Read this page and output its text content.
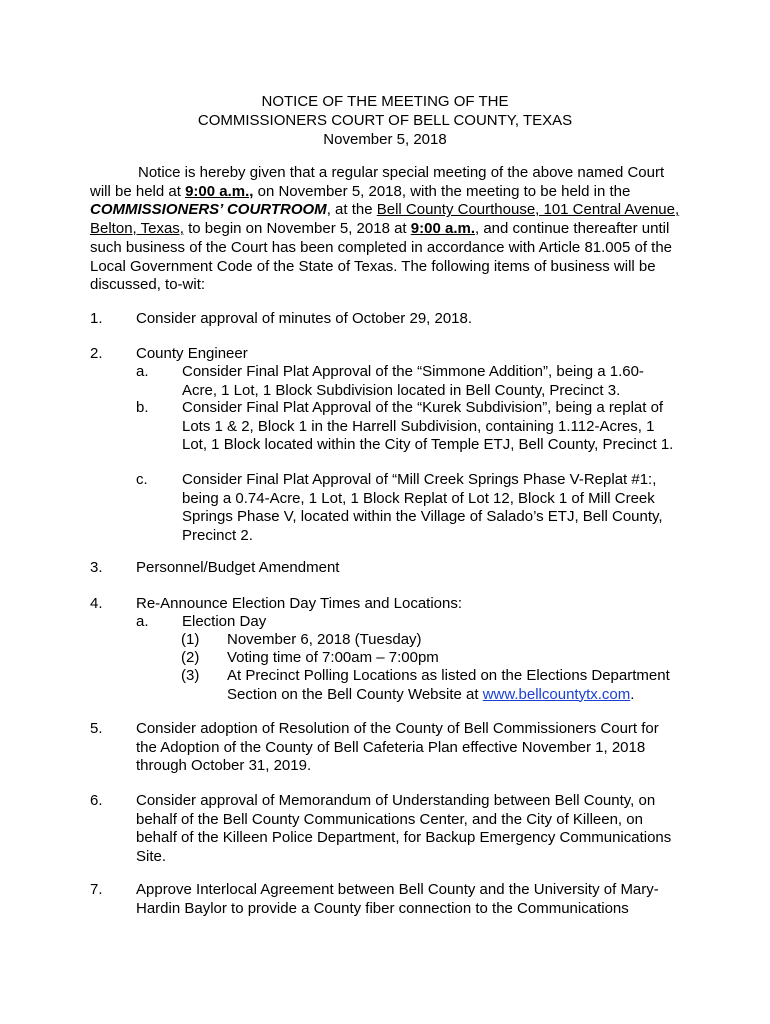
NOTICE OF THE MEETING OF THE
COMMISSIONERS COURT OF BELL COUNTY, TEXAS
November 5, 2018
Notice is hereby given that a regular special meeting of the above named Court will be held at 9:00 a.m., on November 5, 2018, with the meeting to be held in the COMMISSIONERS’ COURTROOM, at the Bell County Courthouse, 101 Central Avenue, Belton, Texas, to begin on November 5, 2018 at 9:00 a.m., and continue thereafter until such business of the Court has been completed in accordance with Article 81.005 of the Local Government Code of the State of Texas. The following items of business will be discussed, to-wit:
1. Consider approval of minutes of October 29, 2018.
2. County Engineer
a. Consider Final Plat Approval of the “Simmone Addition”, being a 1.60-Acre, 1 Lot, 1 Block Subdivision located in Bell County, Precinct 3.
b. Consider Final Plat Approval of the “Kurek Subdivision”, being a replat of Lots 1 & 2, Block 1 in the Harrell Subdivision, containing 1.112-Acres, 1 Lot, 1 Block located within the City of Temple ETJ, Bell County, Precinct 1.
c. Consider Final Plat Approval of “Mill Creek Springs Phase V-Replat #1:, being a 0.74-Acre, 1 Lot, 1 Block Replat of Lot 12, Block 1 of Mill Creek Springs Phase V, located within the Village of Salado’s ETJ, Bell County, Precinct 2.
3. Personnel/Budget Amendment
4. Re-Announce Election Day Times and Locations:
a. Election Day
(1) November 6, 2018 (Tuesday)
(2) Voting time of 7:00am – 7:00pm
(3) At Precinct Polling Locations as listed on the Elections Department Section on the Bell County Website at www.bellcountytx.com.
5. Consider adoption of Resolution of the County of Bell Commissioners Court for the Adoption of the County of Bell Cafeteria Plan effective November 1, 2018 through October 31, 2019.
6. Consider approval of Memorandum of Understanding between Bell County, on behalf of the Bell County Communications Center, and the City of Killeen, on behalf of the Killeen Police Department, for Backup Emergency Communications Site.
7. Approve Interlocal Agreement between Bell County and the University of Mary-Hardin Baylor to provide a County fiber connection to the Communications
